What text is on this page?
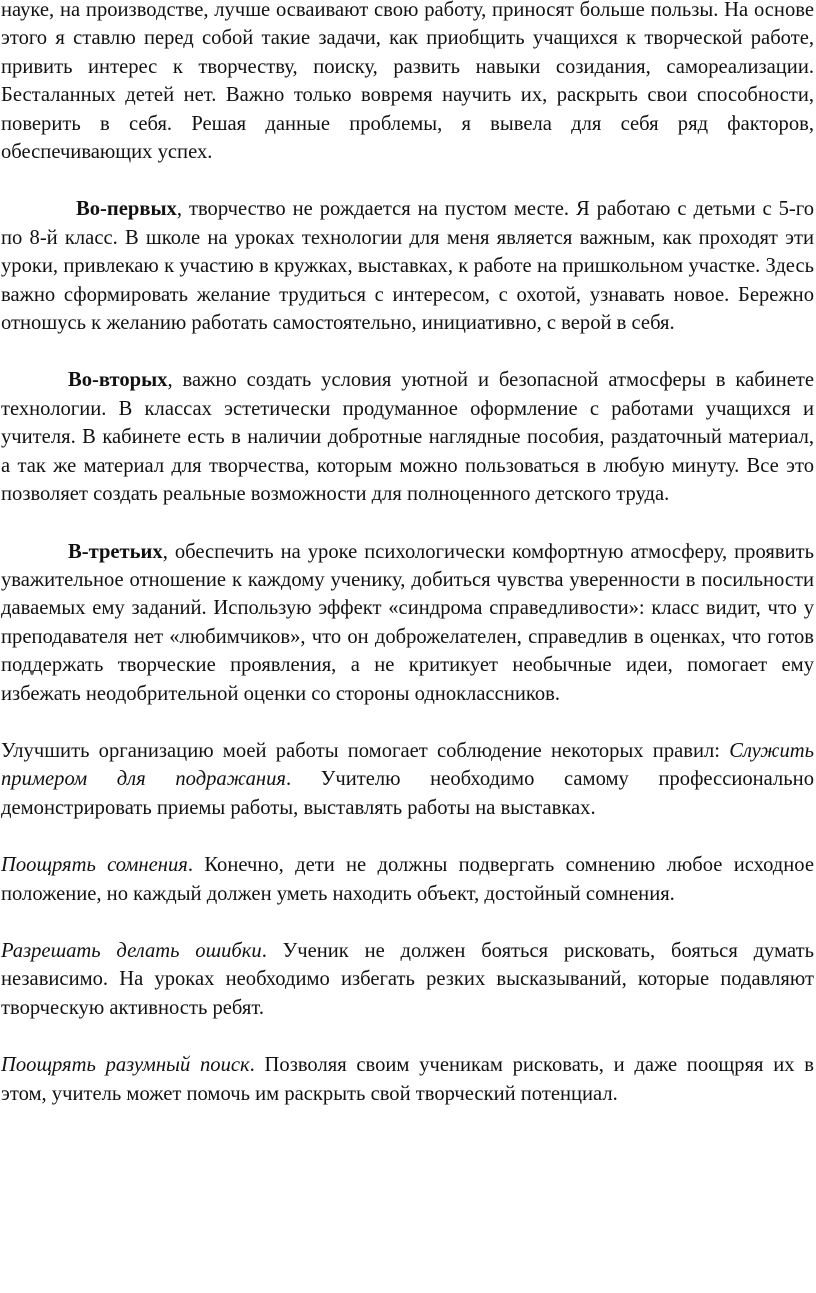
науке, на производстве, лучше осваивают свою работу, приносят больше пользы. На основе этого я ставлю перед собой такие задачи, как приобщить учащихся к творческой работе, привить интерес к творчеству, поиску, развить навыки созидания, самореализации. Бесталанных детей нет. Важно только вовремя научить их, раскрыть свои способности, поверить в себя. Решая данные проблемы, я вывела для себя ряд факторов, обеспечивающих успех.

Во-первых, творчество не рождается на пустом месте. Я работаю с детьми с 5-го по 8-й класс. В школе на уроках технологии для меня является важным, как проходят эти уроки, привлекаю к участию в кружках, выставках, к работе на пришкольном участке. Здесь важно сформировать желание трудиться с интересом, с охотой, узнавать новое. Бережно отношусь к желанию работать самостоятельно, инициативно, с верой в себя.

Во-вторых, важно создать условия уютной и безопасной атмосферы в кабинете технологии. В классах эстетически продуманное оформление с работами учащихся и учителя. В кабинете есть в наличии добротные наглядные пособия, раздаточный материал, а так же материал для творчества, которым можно пользоваться в любую минуту. Все это позволяет создать реальные возможности для полноценного детского труда.

В-третьих, обеспечить на уроке психологически комфортную атмосферу, проявить уважительное отношение к каждому ученику, добиться чувства уверенности в посильности даваемых ему заданий. Использую эффект «синдрома справедливости»: класс видит, что у преподавателя нет «любимчиков», что он доброжелателен, справедлив в оценках, что готов поддержать творческие проявления, а не критикует необычные идеи, помогает ему избежать неодобрительной оценки со стороны одноклассников.

Улучшить организацию моей работы помогает соблюдение некоторых правил: Служить примером для подражания. Учителю необходимо самому профессионально демонстрировать приемы работы, выставлять работы на выставках.

Поощрять сомнения. Конечно, дети не должны подвергать сомнению любое исходное положение, но каждый должен уметь находить объект, достойный сомнения.

Разрешать делать ошибки. Ученик не должен бояться рисковать, бояться думать независимо. На уроках необходимо избегать резких высказываний, которые подавляют творческую активность ребят.

Поощрять разумный поиск. Позволяя своим ученикам рисковать, и даже поощряя их в этом, учитель может помочь им раскрыть свой творческий потенциал.
